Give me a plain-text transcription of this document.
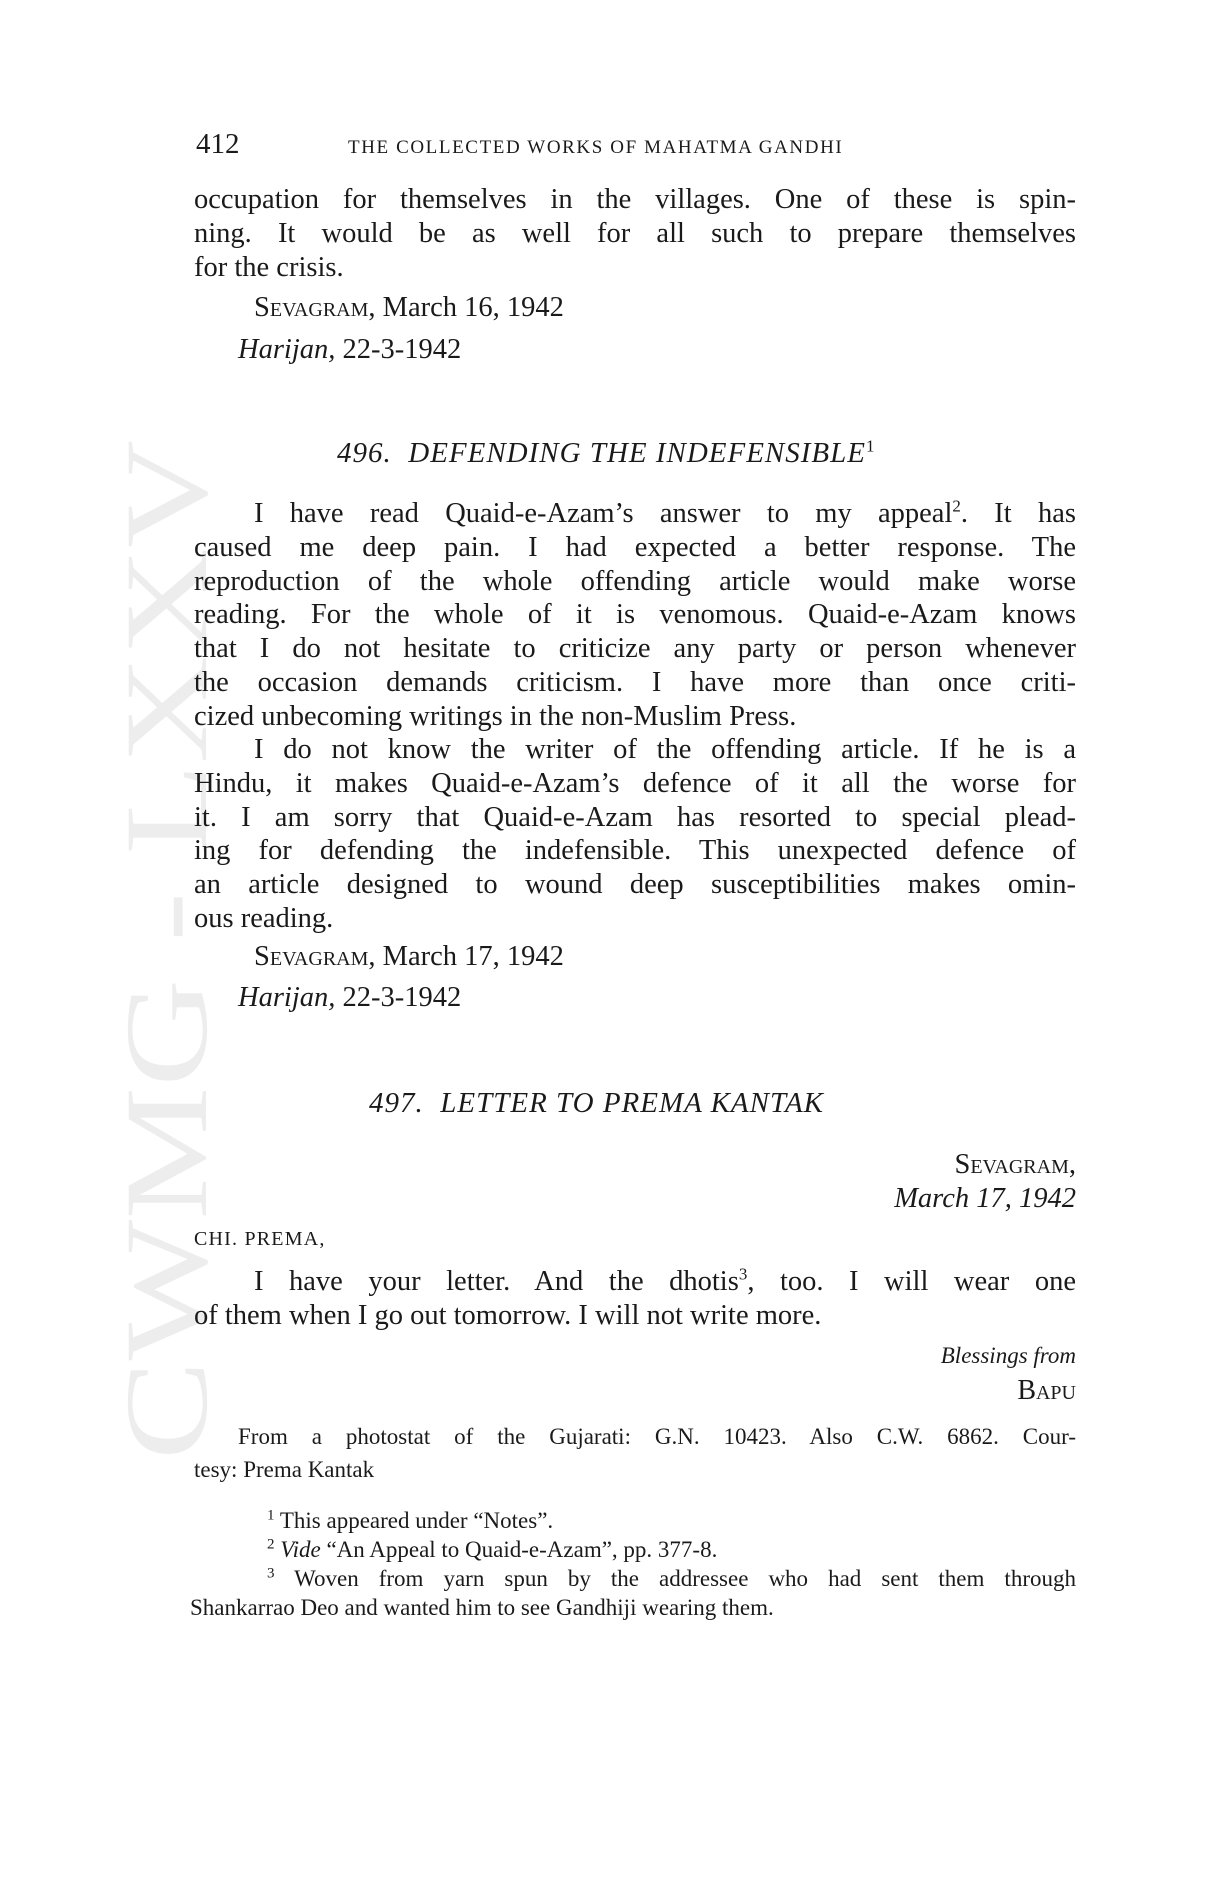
CWMG - LXXV
412	THE COLLECTED WORKS OF MAHATMA GANDHI

occupation for themselves in the villages. One of these is spin-

ning. It would be as well for all such to prepare themselves

for the crisis.

Sevagram, March 16, 1942

Harijan, 22-3-1942

496. DEFENDING THE INDEFENSIBLE$^1$

I have read Quaid-e-Azam’s answer to my appeal$^2$. It has

caused me deep pain. I had expected a better response. The

reproduction of the whole offending article would make worse

reading. For the whole of it is venomous. Quaid-e-Azam knows

that I do not hesitate to criticize any party or person whenever

the occasion demands criticism. I have more than once criti-

cized unbecoming writings in the non-Muslim Press.

I do not know the writer of the offending article. If he is a

Hindu, it makes Quaid-e-Azam’s defence of it all the worse for

it. I am sorry that Quaid-e-Azam has resorted to special plead-

ing for defending the indefensible. This unexpected defence of

an article designed to wound deep susceptibilities makes omin-

ous reading.

Sevagram, March 17, 1942

Harijan, 22-3-1942

497. LETTER TO PREMA KANTAK

Sevagram,

March 17, 1942

CHI. PREMA,

I have your letter. And the dhotis$^3$, too. I will wear one

of them when I go out tomorrow. I will not write more.

Blessings from

Bapu

From a photostat of the Gujarati: G.N. 10423. Also C.W. 6862. Cour-

tesy: Prema Kantak

$^1$ This appeared under “Notes”.

$^2$ Vide “An Appeal to Quaid-e-Azam”, pp. 377-8.

$^3$ Woven from yarn spun by the addressee who had sent them through

Shankarrao Deo and wanted him to see Gandhiji wearing them.
